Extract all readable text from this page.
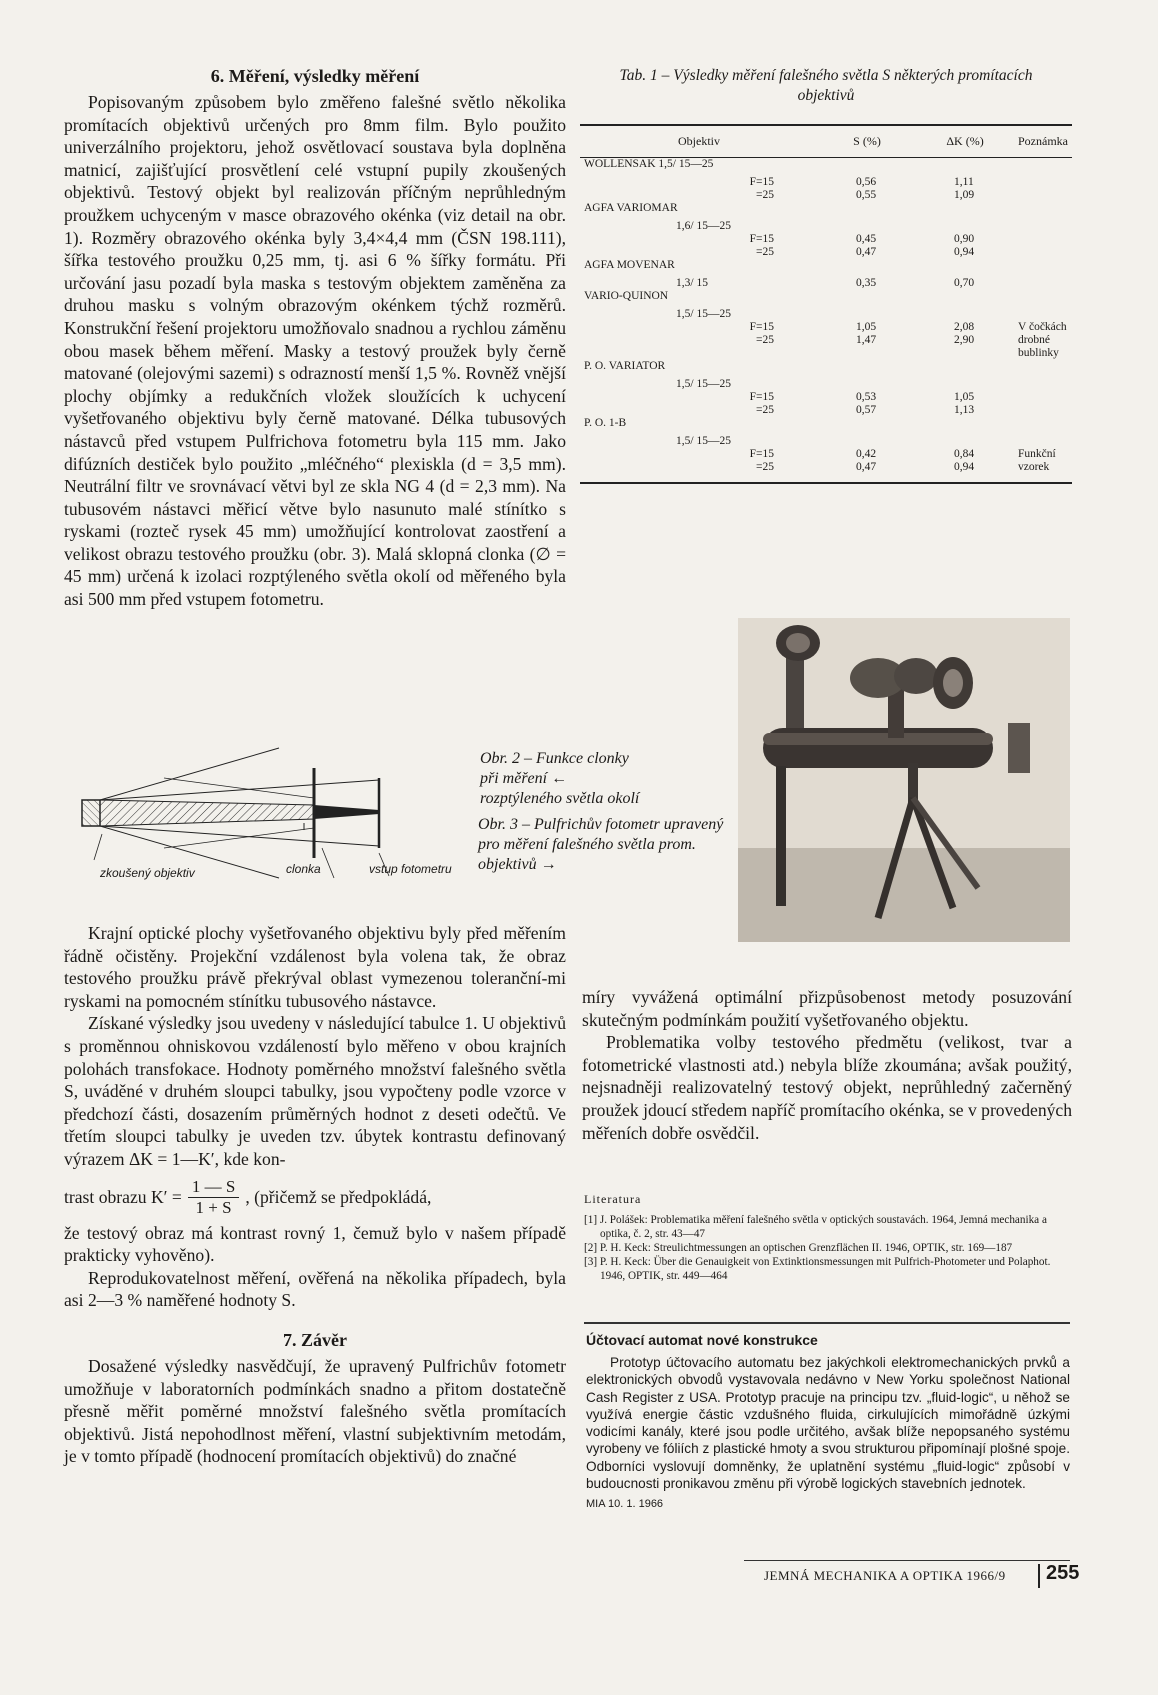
6. Měření, výsledky měření

Popisovaným způsobem bylo změřeno falešné světlo několika promítacích objektivů určených pro 8mm film. Bylo použito univerzálního projektoru, jehož osvětlovací soustava byla doplněna matnicí, zajišťující prosvětlení celé vstupní pupily zkoušených objektivů. Testový objekt byl realizován příčným neprůhledným proužkem uchyceným v masce obrazového okénka (viz detail na obr. 1). Rozměry obrazového okénka byly 3,4×4,4 mm (ČSN 198.111), šířka testového proužku 0,25 mm, tj. asi 6 % šířky formátu. Při určování jasu pozadí byla maska s testovým objektem zaměněna za druhou masku s volným obrazovým okénkem týchž rozměrů. Konstrukční řešení projektoru umožňovalo snadnou a rychlou záměnu obou masek během měření. Masky a testový proužek byly černě matované (olejovými sazemi) s odrazností menší 1,5 %. Rovněž vnější plochy objímky a redukčních vložek sloužících k uchycení vyšetřovaného objektivu byly černě matované. Délka tubusových nástavců před vstupem Pulfrichova fotometru byla 115 mm. Jako difúzních destiček bylo použito „mléčného“ plexiskla (d = 3,5 mm). Neutrální filtr ve srovnávací větvi byl ze skla NG 4 (d = 2,3 mm). Na tubusovém nástavci měřicí větve bylo nasunuto malé stínítko s ryskami (rozteč rysek 45 mm) umožňující kontrolovat zaostření a velikost obrazu testového proužku (obr. 3). Malá sklopná clonka (∅ = 45 mm) určená k izolaci rozptýleného světla okolí od měřeného byla asi 500 mm před vstupem fotometru.

zkoušený objektiv	clonka	vstup fotometru
Obr. 2 – Funkce clonky při měření ← rozptýleného světla okolí
Obr. 3 – Pulfrichův fotometr upravený pro měření falešného světla prom. objektivů →

Krajní optické plochy vyšetřovaného objektivu byly před měřením řádně očistěny. Projekční vzdálenost byla volena tak, že obraz testového proužku právě překrýval oblast vymezenou toleranční-mi ryskami na pomocném stínítku tubusového nástavce.

Získané výsledky jsou uvedeny v následující tabulce 1. U objektivů s proměnnou ohniskovou vzdáleností bylo měřeno v obou krajních polohách transfokace. Hodnoty poměrného množství falešného světla S, uváděné v druhém sloupci tabulky, jsou vypočteny podle vzorce v předchozí části, dosazením průměrných hodnot z deseti odečtů. Ve třetím sloupci tabulky je uveden tzv. úbytek kontrastu definovaný výrazem ΔK = 1—K′, kde kon-

trast obrazu $K' = \frac{1 — S}{1 + S}$ , (přičemž se předpokládá,

že testový obraz má kontrast rovný 1, čemuž bylo v našem případě prakticky vyhověno).

Reprodukovatelnost měření, ověřená na několika případech, byla asi 2—3 % naměřené hodnoty S.

7. Závěr

Dosažené výsledky nasvědčují, že upravený Pulfrichův fotometr umožňuje v laboratorních podmínkách snadno a přitom dostatečně přesně měřit poměrné množství falešného světla promítacích objektivů. Jistá nepohodlnost měření, vlastní subjektivním metodám, je v tomto případě (hodnocení promítacích objektivů) do značné

Tab. 1 – Výsledky měření falešného světla S některých promítacích objektivů
Objektiv	S (%)	ΔK (%)	Poznámka
WOLLENSAK 1,5/ 15—25			
F=15	0,56	1,11	
=25	0,55	1,09	
AGFA VARIOMAR			
1,6/ 15—25			
F=15	0,45	0,90	
=25	0,47	0,94	
AGFA MOVENAR			
1,3/ 15	0,35	0,70	
VARIO-QUINON			
1,5/ 15—25			
F=15	1,05	2,08	V čočkách
=25	1,47	2,90	drobné bublinky
P. O. VARIATOR			
1,5/ 15—25			
F=15	0,53	1,05	
=25	0,57	1,13	
P. O. 1-B			
1,5/ 15—25			
F=15	0,42	0,84	Funkční
=25	0,47	0,94	vzorek

míry vyvážená optimální přizpůsobenost metody posuzování skutečným podmínkám použití vyšetřovaného objektu.

Problematika volby testového předmětu (velikost, tvar a fotometrické vlastnosti atd.) nebyla blíže zkoumána; avšak použitý, nejsnadněji realizovatelný testový objekt, neprůhledný začerněný proužek jdoucí středem napříč promítacího okénka, se v provedených měřeních dobře osvědčil.

Literatura

[1] J. Polášek: Problematika měření falešného světla v optických soustavách. 1964, Jemná mechanika a optika, č. 2, str. 43—47

[2] P. H. Keck: Streulichtmessungen an optischen Grenzflächen II. 1946, OPTIK, str. 169—187

[3] P. H. Keck: Über die Genauigkeit von Extinktionsmessungen mit Pulfrich-Photometer und Polaphot. 1946, OPTIK, str. 449—464

Účtovací automat nové konstrukce

Prototyp účtovacího automatu bez jakýchkoli elektromechanických prvků a elektronických obvodů vystavovala nedávno v New Yorku společnost National Cash Register z USA. Prototyp pracuje na principu tzv. „fluid-logic“, u něhož se využívá energie částic vzdušného fluida, cirkulujících mimořádně úzkými vodicími kanály, které jsou podle určitého, avšak blíže nepopsaného systému vyrobeny ve fóliích z plastické hmoty a svou strukturou připomínají plošné spoje. Odborníci vyslovují domněnky, že uplatnění systému „fluid-logic“ způsobí v budoucnosti pronikavou změnu při výrobě logických stavebních jednotek.

MIA 10. 1. 1966
JEMNÁ MECHANIKA A OPTIKA 1966/9 255
